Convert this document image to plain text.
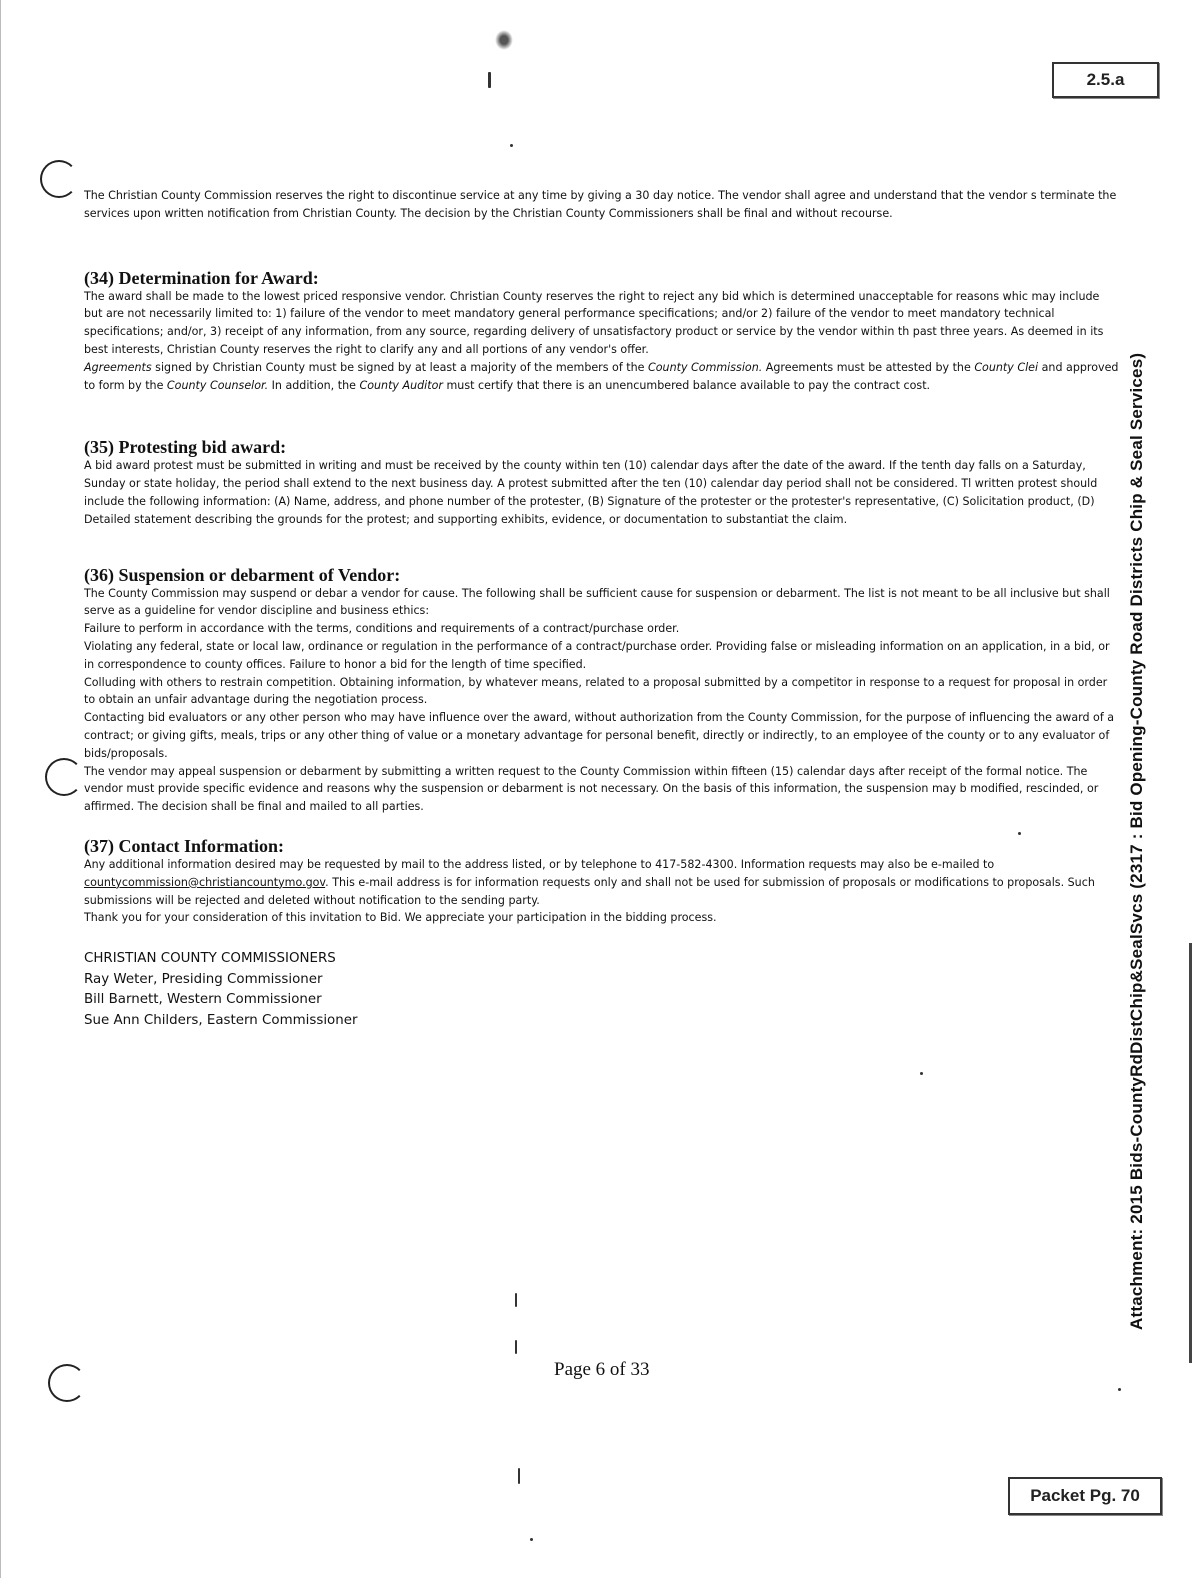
2.5.a

The Christian County Commission reserves the right to discontinue service at any time by giving a 30 day notice. The vendor shall agree and understand that the vendor s terminate the services upon written notification from Christian County. The decision by the Christian County Commissioners shall be final and without recourse.

(34) Determination for Award:

The award shall be made to the lowest priced responsive vendor. Christian County reserves the right to reject any bid which is determined unacceptable for reasons whic may include but are not necessarily limited to: 1) failure of the vendor to meet mandatory general performance specifications; and/or 2) failure of the vendor to meet mandatory technical specifications; and/or, 3) receipt of any information, from any source, regarding delivery of unsatisfactory product or service by the vendor within th past three years. As deemed in its best interests, Christian County reserves the right to clarify any and all portions of any vendor's offer.

Agreements signed by Christian County must be signed by at least a majority of the members of the County Commission. Agreements must be attested by the County Clei and approved to form by the County Counselor. In addition, the County Auditor must certify that there is an unencumbered balance available to pay the contract cost.

(35) Protesting bid award:

A bid award protest must be submitted in writing and must be received by the county within ten (10) calendar days after the date of the award. If the tenth day falls on a Saturday, Sunday or state holiday, the period shall extend to the next business day. A protest submitted after the ten (10) calendar day period shall not be considered. Tl written protest should include the following information: (A) Name, address, and phone number of the protester, (B) Signature of the protester or the protester's representative, (C) Solicitation product, (D) Detailed statement describing the grounds for the protest; and supporting exhibits, evidence, or documentation to substantiat the claim.

(36) Suspension or debarment of Vendor:

The County Commission may suspend or debar a vendor for cause. The following shall be sufficient cause for suspension or debarment. The list is not meant to be all inclusive but shall serve as a guideline for vendor discipline and business ethics:

Failure to perform in accordance with the terms, conditions and requirements of a contract/purchase order.

Violating any federal, state or local law, ordinance or regulation in the performance of a contract/purchase order. Providing false or misleading information on an application, in a bid, or in correspondence to county offices. Failure to honor a bid for the length of time specified.

Colluding with others to restrain competition. Obtaining information, by whatever means, related to a proposal submitted by a competitor in response to a request for proposal in order to obtain an unfair advantage during the negotiation process.

Contacting bid evaluators or any other person who may have influence over the award, without authorization from the County Commission, for the purpose of influencing the award of a contract; or giving gifts, meals, trips or any other thing of value or a monetary advantage for personal benefit, directly or indirectly, to an employee of the county or to any evaluator of bids/proposals.

The vendor may appeal suspension or debarment by submitting a written request to the County Commission within fifteen (15) calendar days after receipt of the formal notice. The vendor must provide specific evidence and reasons why the suspension or debarment is not necessary. On the basis of this information, the suspension may b modified, rescinded, or affirmed. The decision shall be final and mailed to all parties.

(37) Contact Information:

Any additional information desired may be requested by mail to the address listed, or by telephone to 417-582-4300. Information requests may also be e-mailed to countycommission@christiancountymo.gov. This e-mail address is for information requests only and shall not be used for submission of proposals or modifications to proposals. Such submissions will be rejected and deleted without notification to the sending party.

Thank you for your consideration of this invitation to Bid. We appreciate your participation in the bidding process.

CHRISTIAN COUNTY COMMISSIONERS

Ray Weter, Presiding Commissioner

Bill Barnett, Western Commissioner

Sue Ann Childers, Eastern Commissioner

Page 6 of 33
Attachment: 2015 Bids-CountyRdDistChip&SealSvcs (2317 : Bid Opening-County Road Districts Chip & Seal Services)
Packet Pg. 70
